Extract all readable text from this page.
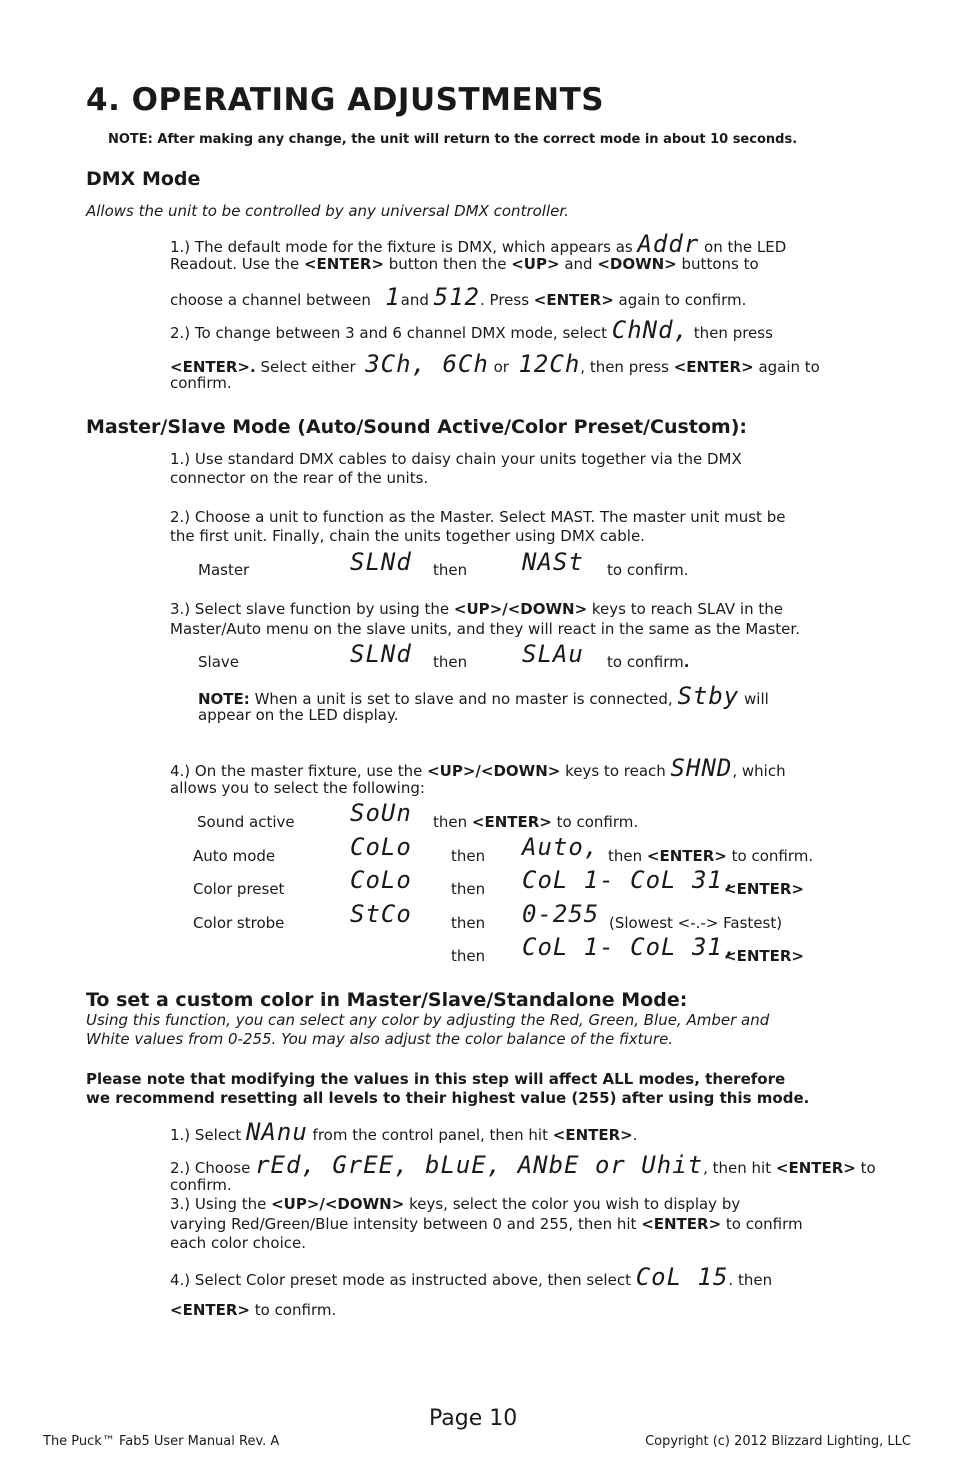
4. OPERATING ADJUSTMENTS
NOTE: After making any change, the unit will return to the correct mode in about 10 seconds.
DMX Mode
Allows the unit to be controlled by any universal DMX controller.
1.) The default mode for the fixture is DMX, which appears as Addr on the LED
Readout. Use the <ENTER> button then the <UP> and <DOWN> buttons to
choose a channel between   1and 512. Press <ENTER> again to confirm.
2.) To change between 3 and 6 channel DMX mode, select ChNd, then press
<ENTER>. Select either  3Ch, 6Ch or  12Ch, then press <ENTER> again to
confirm.
Master/Slave Mode (Auto/Sound Active/Color Preset/Custom):
1.) Use standard DMX cables to daisy chain your units together via the DMX
connector on the rear of the units.
2.) Choose a unit to function as the Master. Select MAST. The master unit must be
the first unit. Finally, chain the units together using DMX cable.
Master	SLNd then NASt to confirm.
3.) Select slave function by using the <UP>/<DOWN> keys to reach SLAV in the
Master/Auto menu on the slave units, and they will react in the same as the Master.
Slave	SLNd then SLAu to confirm.
NOTE: When a unit is set to slave and no master is connected, Stby will
appear on the LED display.
4.) On the master fixture, use the <UP>/<DOWN> keys to reach SHND, which
allows you to select the following:
Sound active SoUn then <ENTER> to confirm.
Auto mode	CoLo	then Auto, then <ENTER> to confirm.
Color preset	CoLo	then CoL 1- CoL 31,
<ENTER>
Color strobe	StCo	then 0-255 (Slowest <-.-> Fastest)
then CoL 1- CoL 31,
<ENTER>
To set a custom color in Master/Slave/Standalone Mode:
Using this function, you can select any color by adjusting the Red, Green, Blue, Amber and
White values from 0-255. You may also adjust the color balance of the fixture.
Please note that modifying the values in this step will affect ALL modes, therefore
we recommend resetting all levels to their highest value (255) after using this mode.
1.) Select NAnu from the control panel, then hit <ENTER>.
2.) Choose rEd, GrEE, bLuE, ANbE or Uhit, then hit <ENTER> to
confirm.
3.) Using the <UP>/<DOWN> keys, select the color you wish to display by
varying Red/Green/Blue intensity between 0 and 255, then hit <ENTER> to confirm
each color choice.
4.) Select Color preset mode as instructed above, then select CoL 15. then
<ENTER> to confirm.
Page 10
The Puck™ Fab5 User Manual Rev. A	Copyright (c) 2012 Blizzard Lighting, LLC
